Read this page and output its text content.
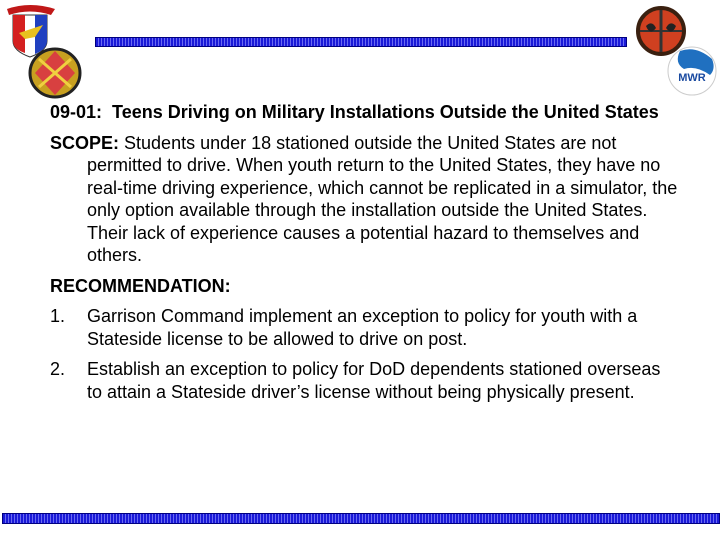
MWR

09-01: Teens Driving on Military Installations Outside the United States

SCOPE: Students under 18 stationed outside the United States are not permitted to drive. When youth return to the United States, they have no real-time driving experience, which cannot be replicated in a simulator, the only option available through the installation outside the United States. Their lack of experience causes a potential hazard to themselves and others.

RECOMMENDATION:

1. Garrison Command implement an exception to policy for youth with a Stateside license to be allowed to drive on post.

2. Establish an exception to policy for DoD dependents stationed overseas to attain a Stateside driver’s license without being physically present.
